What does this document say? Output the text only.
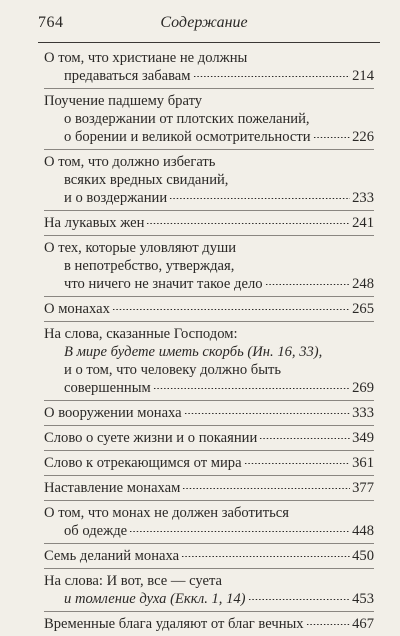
764	Содержание
О том, что христиане не должны
предаваться забавам	214
Поучение падшему брату
о воздержании от плотских пожеланий,
о борении и великой осмотрительности	226
О том, что должно избегать
всяких вредных свиданий,
и о воздержании	233
На лукавых жен	241
О тех, которые уловляют души
в непотребство, утверждая,
что ничего не значит такое дело	248
О монахах	265
На слова, сказанные Господом:
В мире будете иметь скорбь (Ин. 16, 33),
и о том, что человеку должно быть
совершенным	269
О вооружении монаха	333
Слово о суете жизни и о покаянии	349
Слово к отрекающимся от мира	361
Наставление монахам	377
О том, что монах не должен заботиться
об одежде	448
Семь деланий монаха	450
На слова: И вот, все — суета
и томление духа (Еккл. 1, 14)	453
Временные блага удаляют от благ вечных	467
